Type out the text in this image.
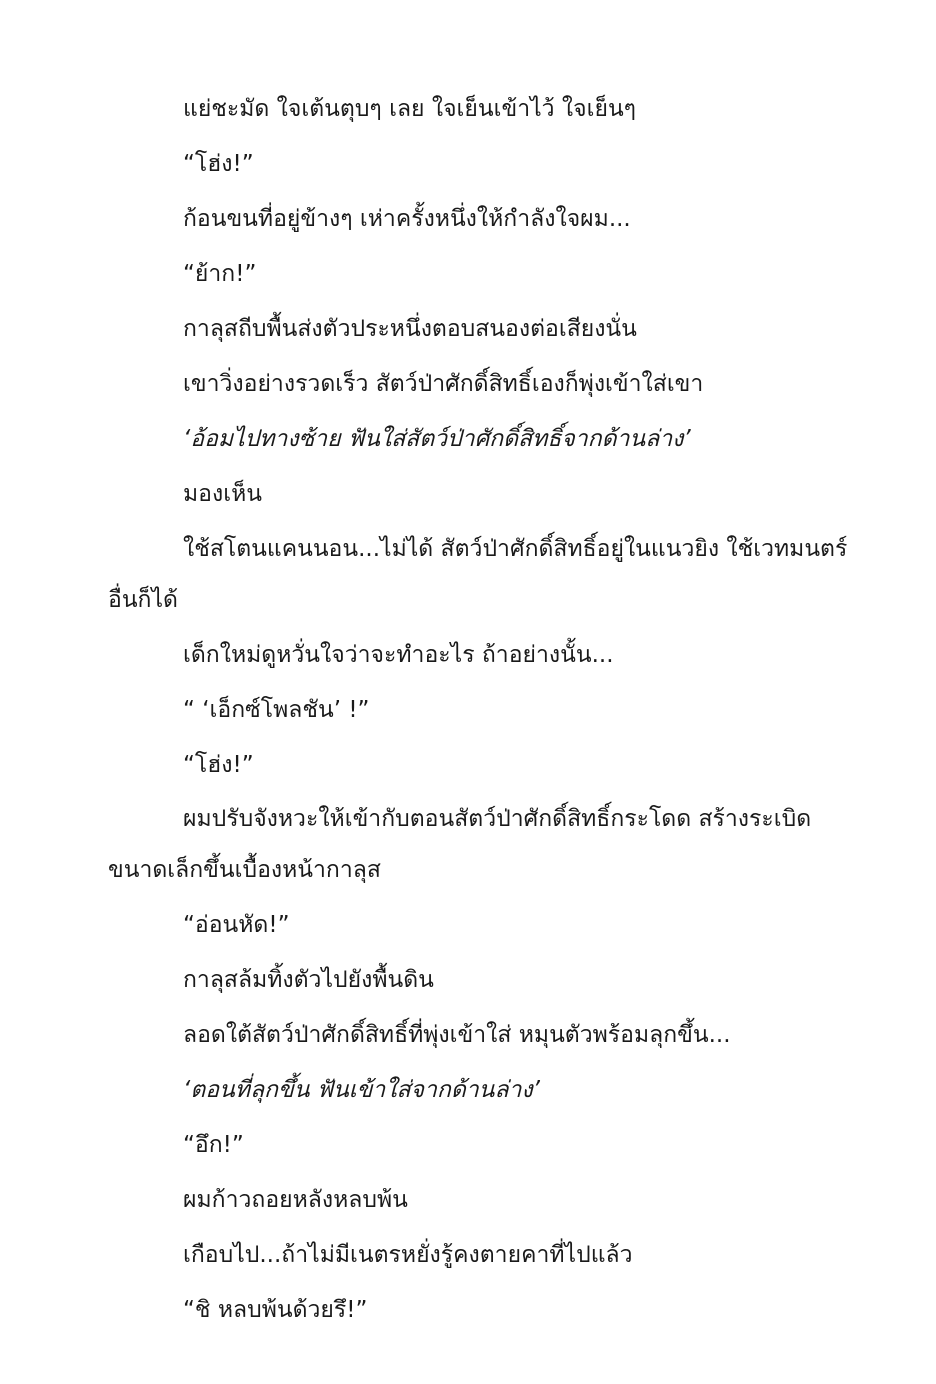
แย่ชะมัด ใจเต้นตุบๆ เลย ใจเย็นเข้าไว้ ใจเย็นๆ
“โฮ่ง!”
ก้อนขนที่อยู่ข้างๆ เห่าครั้งหนึ่งให้กำลังใจผม...
“ย้าก!”
กาลุสถีบพื้นส่งตัวประหนึ่งตอบสนองต่อเสียงนั่น
เขาวิ่งอย่างรวดเร็ว สัตว์ป่าศักดิ์สิทธิ์เองก็พุ่งเข้าใส่เขา
‘อ้อมไปทางซ้าย ฟันใส่สัตว์ป่าศักดิ์สิทธิ์จากด้านล่าง’
มองเห็น
ใช้สโตนแคนนอน...ไม่ได้ สัตว์ป่าศักดิ์สิทธิ์อยู่ในแนวยิง ใช้เวทมนตร์
อื่นก็ได้
เด็กใหม่ดูหวั่นใจว่าจะทำอะไร ถ้าอย่างนั้น...
“ ‘เอ็กซ์โพลชัน’ !”
“โฮ่ง!”
ผมปรับจังหวะให้เข้ากับตอนสัตว์ป่าศักดิ์สิทธิ์กระโดด สร้างระเบิด
ขนาดเล็กขึ้นเบื้องหน้ากาลุส
“อ่อนหัด!”
กาลุสล้มทิ้งตัวไปยังพื้นดิน
ลอดใต้สัตว์ป่าศักดิ์สิทธิ์ที่พุ่งเข้าใส่ หมุนตัวพร้อมลุกขึ้น...
‘ตอนที่ลุกขึ้น ฟันเข้าใส่จากด้านล่าง’
“อึก!”
ผมก้าวถอยหลังหลบพ้น
เกือบไป...ถ้าไม่มีเนตรหยั่งรู้คงตายคาที่ไปแล้ว
“ชิ หลบพ้นด้วยรึ!”
